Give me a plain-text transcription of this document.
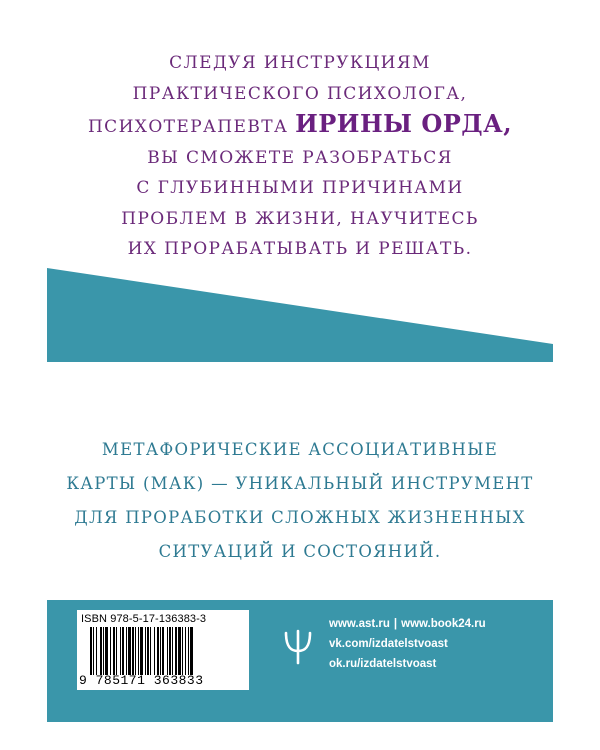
СЛЕДУЯ ИНСТРУКЦИЯМ
ПРАКТИЧЕСКОГО ПСИХОЛОГА,
ПСИХОТЕРАПЕВТА ИРИНЫ ОРДА,
ВЫ СМОЖЕТЕ РАЗОБРАТЬСЯ
С ГЛУБИННЫМИ ПРИЧИНАМИ
ПРОБЛЕМ В ЖИЗНИ, НАУЧИТЕСЬ
ИХ ПРОРАБАТЫВАТЬ И РЕШАТЬ.
МЕТАФОРИЧЕСКИЕ АССОЦИАТИВНЫЕ
КАРТЫ (МАК) — УНИКАЛЬНЫЙ ИНСТРУМЕНТ
ДЛЯ ПРОРАБОТКИ СЛОЖНЫХ ЖИЗНЕННЫХ
СИТУАЦИЙ И СОСТОЯНИЙ.
ISBN 978-5-17-136383-3
9 785171 363833
www.ast.ru | www.book24.ru
vk.com/izdatelstvoast
ok.ru/izdatelstvoast
